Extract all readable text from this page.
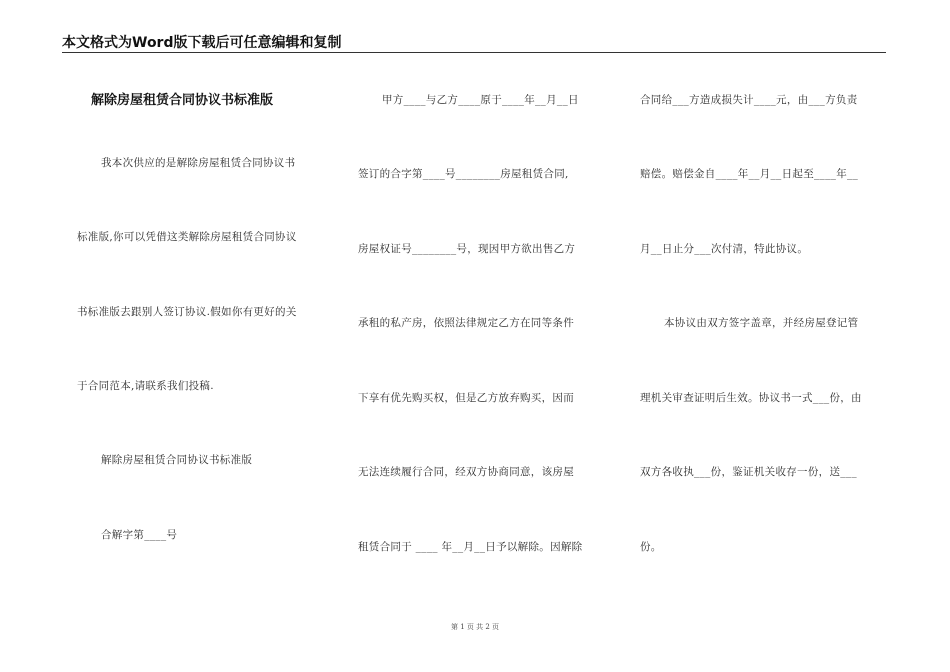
本文格式为Word版下载后可任意编辑和复制
解除房屋租赁合同协议书标准版
我本次供应的是解除房屋租赁合同协议书
标准版,你可以凭借这类解除房屋租赁合同协议
书标准版去跟别人签订协议.假如你有更好的关
于合同范本,请联系我们投稿.
解除房屋租赁合同协议书标准版
合解字第____号
甲方____与乙方____原于____年__月__日
签订的合字第____号________房屋租赁合同,
房屋权证号________号，现因甲方欲出售乙方
承租的私产房，依照法律规定乙方在同等条件
下享有优先购买权，但是乙方放弃购买，因而
无法连续履行合同，经双方协商同意，该房屋
租赁合同于 ____ 年__月__日予以解除。因解除
合同给___方造成损失计____元，由___方负责
赔偿。赔偿金自____年__月__日起至____年__
月__日止分___次付清，特此协议。
本协议由双方签字盖章，并经房屋登记管
理机关审查证明后生效。协议书一式___份，由
双方各收执___份，鉴证机关收存一份，送___
份。
第 1 页 共 2 页
